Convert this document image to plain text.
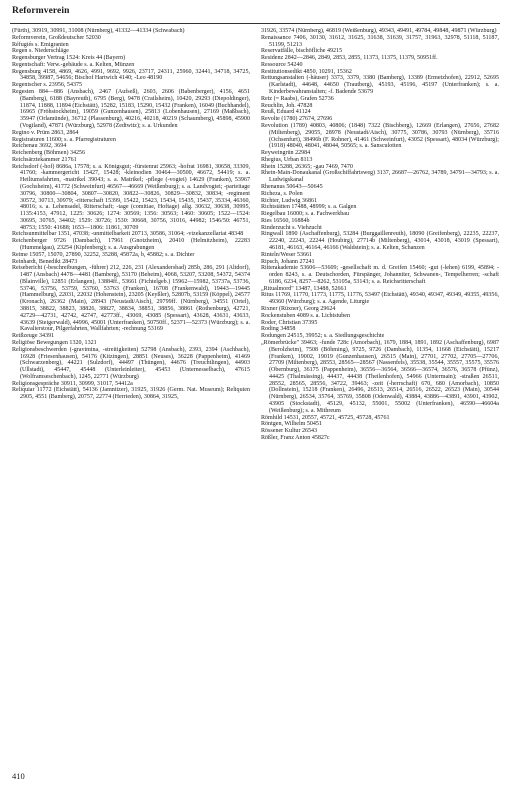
Reformverein

(Fürth), 30919, 30991, 31008 (Nürnberg), 41332—41334 (Schwabach)

Reformverein, Großdeutscher 52030

Réfugiés s. Emigranten

Regen s. Niederschläge

Regensburger Vertrag 1524: Kreis 44 (Bayern)

Regentschaft: Verw.-gebäude s. a. Kelten, Münzen

Regensburg 4158, 4869, 4626, 4991, 9692, 9926, 23717, 24311, 25960, 32441, 34718, 34725, 34858, 39987, 54656; Bischof Hartwich 4140; -Leo 48190

Regentscher s. 23956, 54375

Regesten 884—886 (Ansbach), 2467 (Aufseß), 2603, 2606 (Babenberger), 4156, 4651 (Bamberg), 6188 (Bayreuth), 6795 (Berg), 9478 (Crailsheim), 10420, 29293 (Diepoldinger), 11874, 11888, 11894 (Eichstätt), 15282, 15183, 15290, 15432 (Franken), 16049 (Buchhandel), 16965 (Fröhstockheim), 19059 (Gunzenhausen), 25813 (Lobenhausen), 27169 (Maßbach), 35947 (Orlamünde), 36712 (Plassenburg), 40216, 40218, 40219 (Schaumberg), 45898, 45900 (Vogtland), 47871 (Würzburg), 52978 (Zedtwitz); s. a. Urkunden

Regino v. Prüm 2863, 2864

Registraturen 11600; s. a. Pfarregistraturen

Reichenau 3692, 3694

Reichenberg (Böhmen) 34256

Reichsärztekammer 21761

Reichsdorf (-hof) 8686a, 17578; s. a. Königsgut; -fürstenrat 25963; -hofrat 16981, 30658, 33309, 41760; -kammergericht 15427, 15428; -kleinodien 30464—30500, 46672, 54419; s. a. Heiltumsfahrten, -matrikel 39043; s. a. Matrikel; -pflege (-vogtei) 14629 (Franken), 53967 (Gochsheim), 41772 (Schweinfurt) 46567—46669 (Weißenburg); s. a. Landvogtei; -parteitage 30796, 30800—30804, 30807—30820, 30822—30826, 30829—30832, 30834; -regiment 30572, 30713, 30979; -ritterschaft 15399, 15422, 15423, 15434, 15435, 15437, 35334, 46360, 48016; s. a. Lehensadel, Ritterschaft; -tage (comitiae, Hoftage) allg. 30632, 30638, 30995, 1135:4153, 47912, 1225: 30626; 1274: 30569; 1356: 30563; 1460: 30605; 1522—1524: 30695, 30765, 34402; 1529: 30726; 1530: 30668, 30756, 31016, 44982; 1546/50: 46751, 48753; 1550: 41688; 1653—1806: 11861, 30709

Reichsunmittelbar 1351, 47038; -unmittelbarkeit 20713, 30586, 31064; -vizekanzellariat 48348

Reichenberger 9726 (Dambach), 17961 (Gnotzheim), 20410 (Helmitzheim), 22283 (Hummelgau), 23254 (Kipfenberg); s. a. Ausgrabungen

Reime 15057, 15070, 27890, 32252, 35288, 45872a, b, 45882; s. a. Dichter

Reinhardt, Benedikt 28473

Reisebericht (-beschreibungen, -führer) 212, 226, 231 (Alexandersbad) 285b, 286, 291 (Altdorf), 1487 (Ansbach) 4478—4481 (Bamberg), 53170 (Beheim), 4068, 53207, 53208, 54372, 54374 (Blainville), 12851 (Erlangen), 13884ff., 53661 (Fichtelgeb.) 15962—15982, 53737a, 53736, 53746, 53756, 53759, 53760, 53763 (Franken), 16708 (Frankenwald), 19443—19445 (Hammelburg), 22031, 22032 (Hohenstein), 23205 (Keyßler), 52807b, 53159 (Köppel), 24577 (Kronach), 26362 (Main), 28943 (Neustadt/Aisch), 29799ff. (Nürnberg), 34551 (Ortel), 38815, 38822, 38823, 38826, 38827, 38834, 38851, 38856, 38861 (Rothenburg), 42721, 42729—42731, 42742, 42747, 42773ff., 43069, 43085 (Spessart), 43628, 43631, 43633, 43639 (Steigerwald), 44996, 45001 (Unterfranken), 50750ff., 52371—52373 (Würzburg); s. a. Kavalierstour, Pilgerfahrten, Wallfahrten; -rechnung 53169

Reißzeuge 34391

Religiöse Bewegungen 1320, 1321

Religionsbeschwerden (-gravimina, -streitigkeiten) 52798 (Ansbach), 2393, 2394 (Aschbach), 16928 (Friesenhausen), 54176 (Kitzingen), 28851 (Neuses), 36228 (Pappenheim), 41469 (Schwarzenberg), 44221 (Sulzdorf), 44497 (Thüngen), 44676 (Treuchtlingen), 44903 (Ullstadt), 45447, 45448 (Unterleinleiter), 45453 (Unternesselbach), 47615 (Wolframseschenbach), 1245, 22771 (Würzburg)

Religionsgespräche 30911, 30999, 31017, 54412a

Reliquiar 11772 (Eichstätt), 54136 (Jamnitzer), 31925, 31926 (Germ. Nat. Museum); Reliquien 2905, 4551 (Bamberg), 20757, 22774 (Herrieden), 30864, 31925,

31926, 33574 (Nürnberg), 46819 (Weißenburg), 49343, 49491, 49784, 49848, 49871 (Würzburg)

Renaissance 7406, 30130, 31612, 31625, 31638, 31639, 31757, 31963, 32978, 51118, 51187, 51199, 51213

Reservatfälle, bischöfliche 49215

Residenz 2842—2846, 2849, 2853, 2855, 11373, 11375, 11379, 50951ff.

Ressource 54240

Restitutionsedikt 4850, 10291, 15362

Rettungsanstalten (-häuser) 3373, 3379, 3380 (Bamberg), 13389 (Ermetzhofen), 22912, 52695 (Karlstadt), 44648, 44650 (Trautberg), 45193, 45196, 45197 (Unterfranken); s. a. Kinderbewahranstalten; -f. Badende 53679

Retz (= Raabs), Grafen 52736

Reuchlin, Joh. 47828

Reuß, Eduard 41124

Revolte (1780) 27674, 27696

Revolution (1789) 40803, 40806; (1848) 7322 (Bischberg), 12669 (Erlangen), 27656, 27682 (Miltenberg), 29055, 28978 (Neustadt/Aisch), 30775, 30786, 30793 (Nürnberg), 35716 (Ochsenfurt), 38496b (F. Rohner), 41461 (Schweinfurt), 43052 (Spessart), 48034 (Würzburg); (1918) 48040, 48041, 48044, 50565; s. a. Sansculotten

Reyweingrün 22984

Rhegius, Urban 8113

Rhein 15288, 26365; -gau 7469, 7470

Rhein-Main-Donaukanal (Großschiffahrtsweg) 3137, 26687—26762, 34789, 34791—34793; s. a. Ludwigskanal

Rhenanus 50643—50645

Richeza, s. Polen

Richter, Ludwig 36861

Richtstätten 17488, 48999; s. a. Galgen

Riegelbau 16000; s. a. Fachwerkbau

Ries 16560, 16884b

Rinderzucht s. Viehzucht

Ringwall 1890 (Aschaffenburg), 53284 (Burggaillenreuth), 18090 (Greifenberg), 22235, 22237, 22240, 22243, 22244 (Houbirg), 27714b (Miltenberg), 43014, 43018, 43019 (Spessart), 46181, 46163, 46164, 46166 (Waldstein); s. a. Kelten, Schanzen

Rinteln/Weser 53661

Ripsch, Johann 27241

Ritterakademie 53606—53609; -gesellschaft m. d. Greifen 15460; -gut (-lehen) 6199, 45894; -orden 8243, s. a. Deutschorden, Fürspänger, Johanniter, Schwanen-, Tempelherren; -schaft 6186, 6234, 8257—8262, 53105a, 53143; s. a. Reichsritterschaft

„Ritualmord" 13487, 13488, 52661

Ritus 11769, 11770, 11773, 11775, 11776, 53497 (Eichstätt), 49340, 49347, 49349, 49355, 49356, 49360 (Würzburg); s. a. Agende, Liturgie

Rixner (Rüxner), Georg 29624

Rockenstuben 4089 s. a. Lichtstuben

Roder, Christian 37395

Roding 34858

Rodungen 24515, 39952; s. a. Siedlungsgeschichte

„Römerbrücke" 39463; -funde 728c (Amorbach), 1679, 1884, 1891, 1892 (Aschaffenburg), 6987 (Berolzheim), 7508 (Böhming), 9725, 9726 (Dambach), 11354, 11668 (Eichstätt), 15217 (Franken), 19002, 19019 (Gunzenhausen), 26515 (Main), 27701, 27702, 27705—27706, 27709 (Miltenberg), 28553, 28565—28567 (Nassenfels), 35538, 35544, 35557, 35575, 35576 (Obernburg), 36175 (Pappenheim), 36556—36564, 36566—36574, 36576, 36578 (Pfünz), 44425 (Thalmässing), 44437, 44438 (Theilenhofen), 54966 (Untermain); -straßen 26511, 28552, 28565, 28556, 34722, 39463; -zeit (-herrschaft) 670, 680 (Amorbach), 10850 (Dollnstein), 15218 (Franken), 26496, 26513, 26514, 26516, 26522, 26523 (Main), 30544 (Nürnberg), 26534, 35764, 35769, 35808 (Odenwald), 43884, 43886—43891, 43901, 43902, 43905 (Stockstadt), 45129, 45132, 55001, 55002 (Unterfranken), 46590—46604a (Weißenburg); s. a. Mithreum

Römhild 14531, 20557, 45721, 45725, 45728, 45761

Röntgen, Wilhelm 50451

Rössener Kultur 26543

Rößler, Franz Anton 45827c

410
